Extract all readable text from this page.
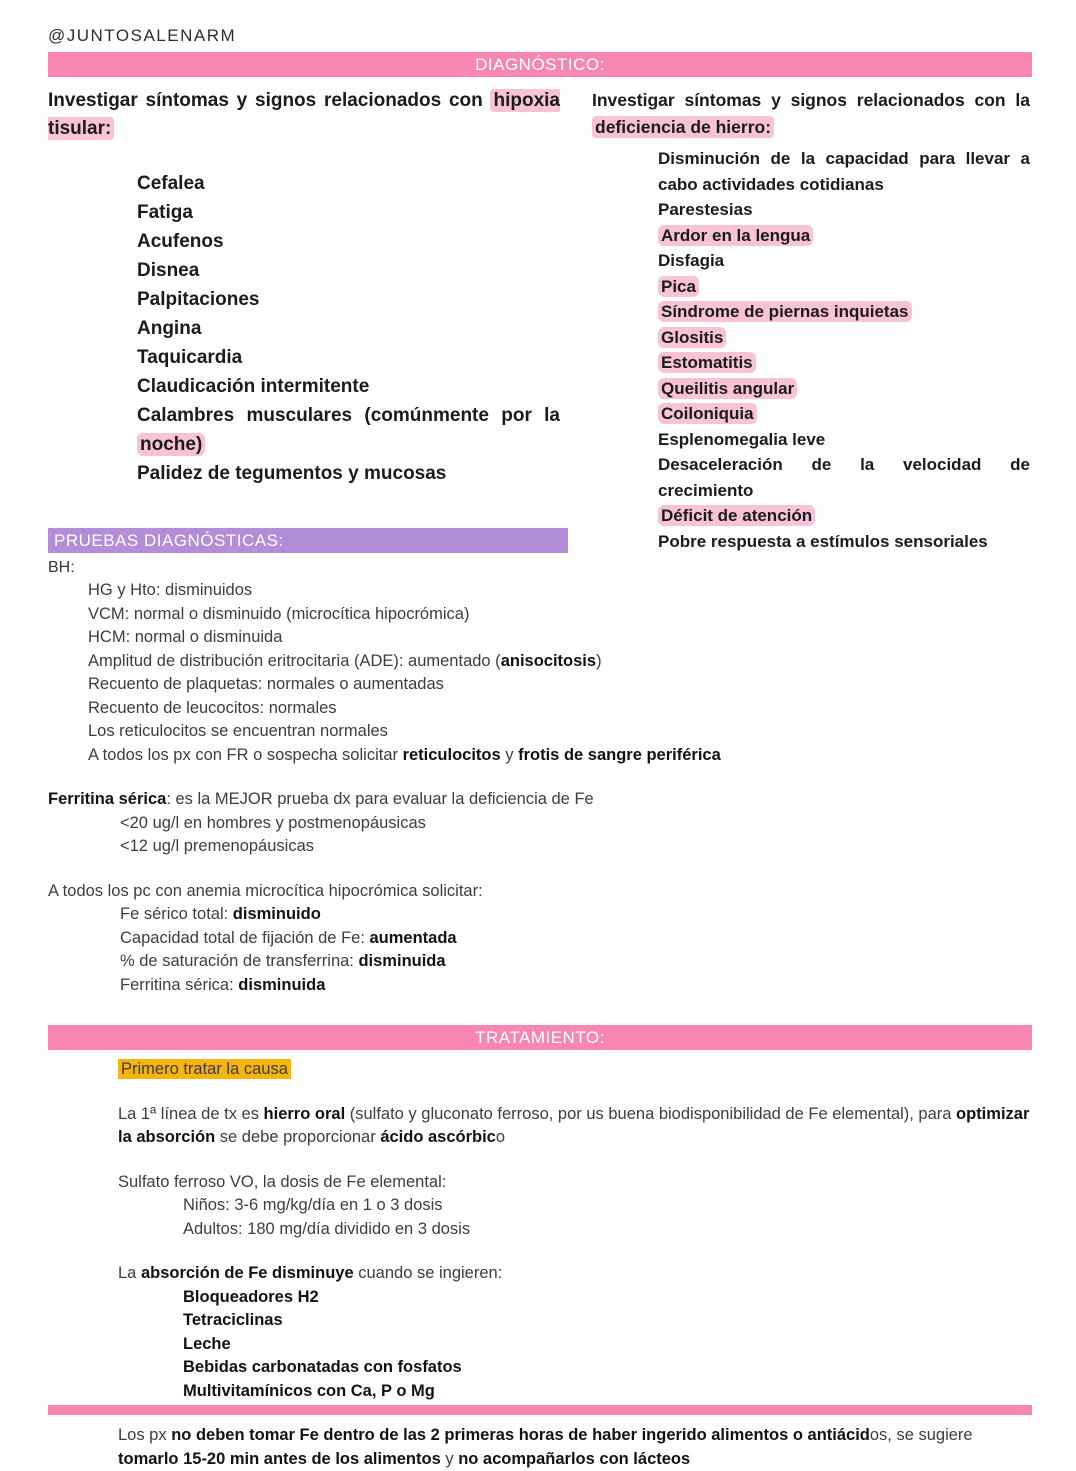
@JUNTOSALENARM
DIAGNÓSTICO:
Investigar síntomas y signos relacionados con hipoxia tisular:
Cefalea
Fatiga
Acufenos
Disnea
Palpitaciones
Angina
Taquicardia
Claudicación intermitente
Calambres musculares (comúnmente por la noche)
Palidez de tegumentos y mucosas
Investigar síntomas y signos relacionados con la deficiencia de hierro:
Disminución de la capacidad para llevar a cabo actividades cotidianas
Parestesias
Ardor en la lengua
Disfagia
Pica
Síndrome de piernas inquietas
Glositis
Estomatitis
Queilitis angular
Coiloniquia
Esplenomegalia leve
Desaceleración de la velocidad de crecimiento
Déficit de atención
Pobre respuesta a estímulos sensoriales
PRUEBAS DIAGNÓSTICAS:
BH:
HG y Hto: disminuidos
VCM: normal o disminuido (microcítica hipocrómica)
HCM: normal o disminuida
Amplitud de distribución eritrocitaria (ADE): aumentado (anisocitosis)
Recuento de plaquetas: normales o aumentadas
Recuento de leucocitos: normales
Los reticulocitos se encuentran normales
A todos los px con FR o sospecha solicitar reticulocitos y frotis de sangre periférica
Ferritina sérica: es la MEJOR prueba dx para evaluar la deficiencia de Fe
<20 ug/l en hombres y postmenopáusicas
<12 ug/l premenopáusicas
A todos los pc con anemia microcítica hipocrómica solicitar:
Fe sérico total: disminuido
Capacidad total de fijación de Fe: aumentada
% de saturación de transferrina: disminuida
Ferritina sérica: disminuida
TRATAMIENTO:
Primero tratar la causa
La 1ª línea de tx es hierro oral (sulfato y gluconato ferroso, por us buena biodisponibilidad de Fe elemental), para optimizar la absorción se debe proporcionar ácido ascórbico
Sulfato ferroso VO, la dosis de Fe elemental:
Niños: 3-6 mg/kg/día en 1 o 3 dosis
Adultos: 180 mg/día dividido en 3 dosis
La absorción de Fe disminuye cuando se ingieren:
Bloqueadores H2
Tetraciclinas
Leche
Bebidas carbonatadas con fosfatos
Multivitamínicos con Ca, P o Mg
Los px no deben tomar Fe dentro de las 2 primeras horas de haber ingerido alimentos o antiácidos, se sugiere tomarlo 15-20 min antes de los alimentos y no acompañarlos con lácteos
